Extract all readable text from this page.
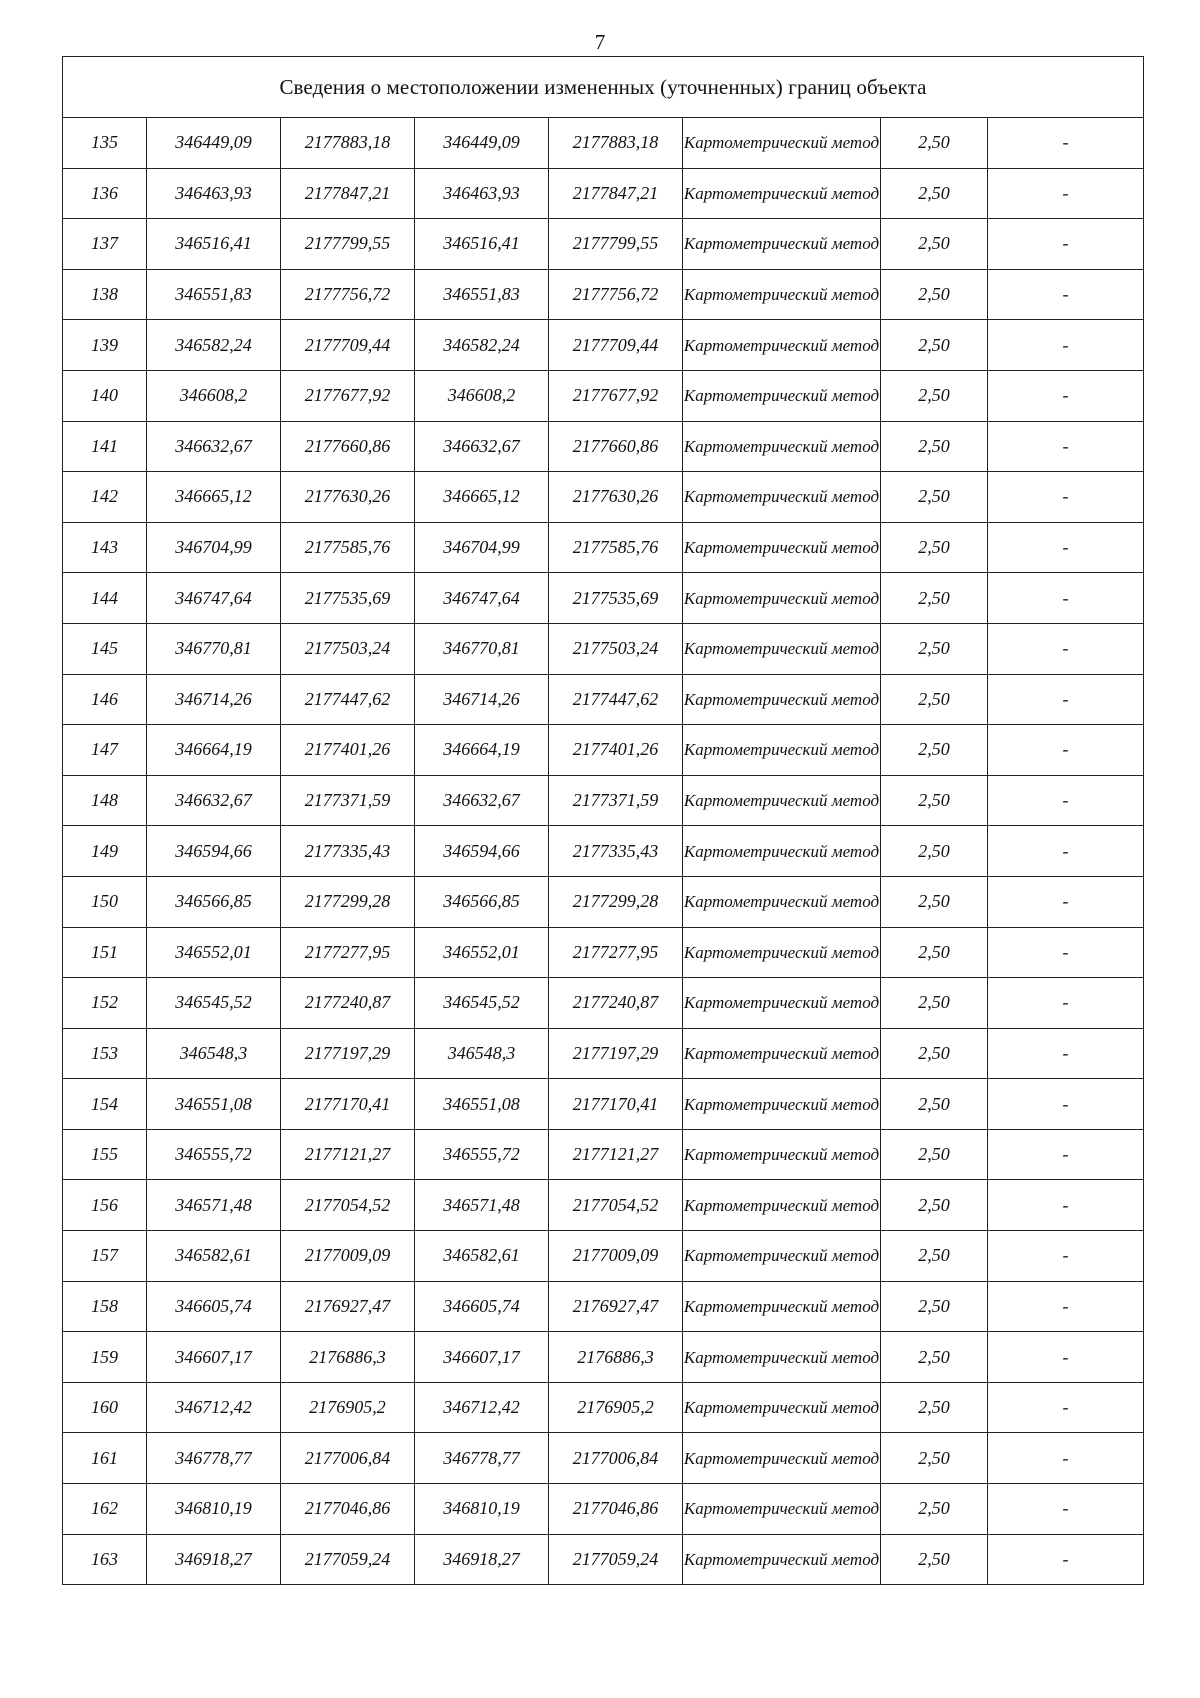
7
Сведения о местоположении измененных (уточненных) границ объекта							
135	346449,09	2177883,18	346449,09	2177883,18	Картометрический метод	2,50	-
136	346463,93	2177847,21	346463,93	2177847,21	Картометрический метод	2,50	-
137	346516,41	2177799,55	346516,41	2177799,55	Картометрический метод	2,50	-
138	346551,83	2177756,72	346551,83	2177756,72	Картометрический метод	2,50	-
139	346582,24	2177709,44	346582,24	2177709,44	Картометрический метод	2,50	-
140	346608,2	2177677,92	346608,2	2177677,92	Картометрический метод	2,50	-
141	346632,67	2177660,86	346632,67	2177660,86	Картометрический метод	2,50	-
142	346665,12	2177630,26	346665,12	2177630,26	Картометрический метод	2,50	-
143	346704,99	2177585,76	346704,99	2177585,76	Картометрический метод	2,50	-
144	346747,64	2177535,69	346747,64	2177535,69	Картометрический метод	2,50	-
145	346770,81	2177503,24	346770,81	2177503,24	Картометрический метод	2,50	-
146	346714,26	2177447,62	346714,26	2177447,62	Картометрический метод	2,50	-
147	346664,19	2177401,26	346664,19	2177401,26	Картометрический метод	2,50	-
148	346632,67	2177371,59	346632,67	2177371,59	Картометрический метод	2,50	-
149	346594,66	2177335,43	346594,66	2177335,43	Картометрический метод	2,50	-
150	346566,85	2177299,28	346566,85	2177299,28	Картометрический метод	2,50	-
151	346552,01	2177277,95	346552,01	2177277,95	Картометрический метод	2,50	-
152	346545,52	2177240,87	346545,52	2177240,87	Картометрический метод	2,50	-
153	346548,3	2177197,29	346548,3	2177197,29	Картометрический метод	2,50	-
154	346551,08	2177170,41	346551,08	2177170,41	Картометрический метод	2,50	-
155	346555,72	2177121,27	346555,72	2177121,27	Картометрический метод	2,50	-
156	346571,48	2177054,52	346571,48	2177054,52	Картометрический метод	2,50	-
157	346582,61	2177009,09	346582,61	2177009,09	Картометрический метод	2,50	-
158	346605,74	2176927,47	346605,74	2176927,47	Картометрический метод	2,50	-
159	346607,17	2176886,3	346607,17	2176886,3	Картометрический метод	2,50	-
160	346712,42	2176905,2	346712,42	2176905,2	Картометрический метод	2,50	-
161	346778,77	2177006,84	346778,77	2177006,84	Картометрический метод	2,50	-
162	346810,19	2177046,86	346810,19	2177046,86	Картометрический метод	2,50	-
163	346918,27	2177059,24	346918,27	2177059,24	Картометрический метод	2,50	-
